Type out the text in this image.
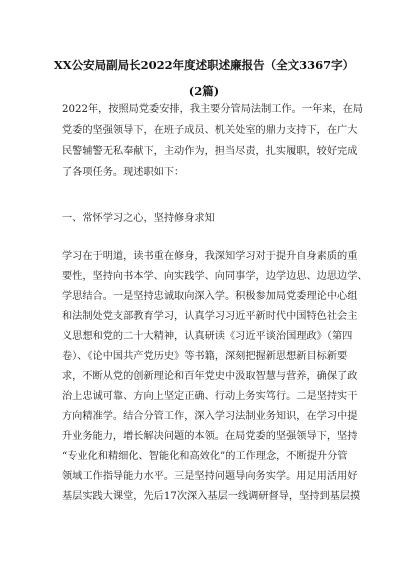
XX公安局副局长2022年度述职述廉报告（全文3367字）
(2篇)
2022年，按照局党委安排，我主要分管局法制工作。一年来，在局
党委的坚强领导下，在班子成员、机关处室的鼎力支持下，在广大
民警辅警无私奉献下，主动作为，担当尽责，扎实履职，较好完成
了各项任务。现述职如下：
一、常怀学习之心，坚持修身求知
学习在于明道，读书重在修身，我深知学习对于提升自身素质的重
要性，坚持向书本学、向实践学、向同事学，边学边思、边思边学、
学思结合。一是坚持忠诚取向深入学。积极参加局党委理论中心组
和法制处党支部教育学习，认真学习习近平新时代中国特色社会主
义思想和党的二十大精神，认真研读《习近平谈治国理政》（第四
卷）、《论中国共产党历史》等书籍，深刻把握新思想新目标新要
求，不断从党的创新理论和百年党史中汲取智慧与营养，确保了政
治上忠诚可靠、方向上坚定正确、行动上务实笃行。二是坚持实干
方向精准学。结合分管工作，深入学习法制业务知识，在学习中提
升业务能力，增长解决问题的本领。在局党委的坚强领导下，坚持
“专业化和精细化、智能化和高效化”的工作理念，不断提升分管
领域工作指导能力水平。三是坚持问题导向务实学。用足用活用好
基层实践大课堂，先后17次深入基层一线调研督导，坚持到基层摸
